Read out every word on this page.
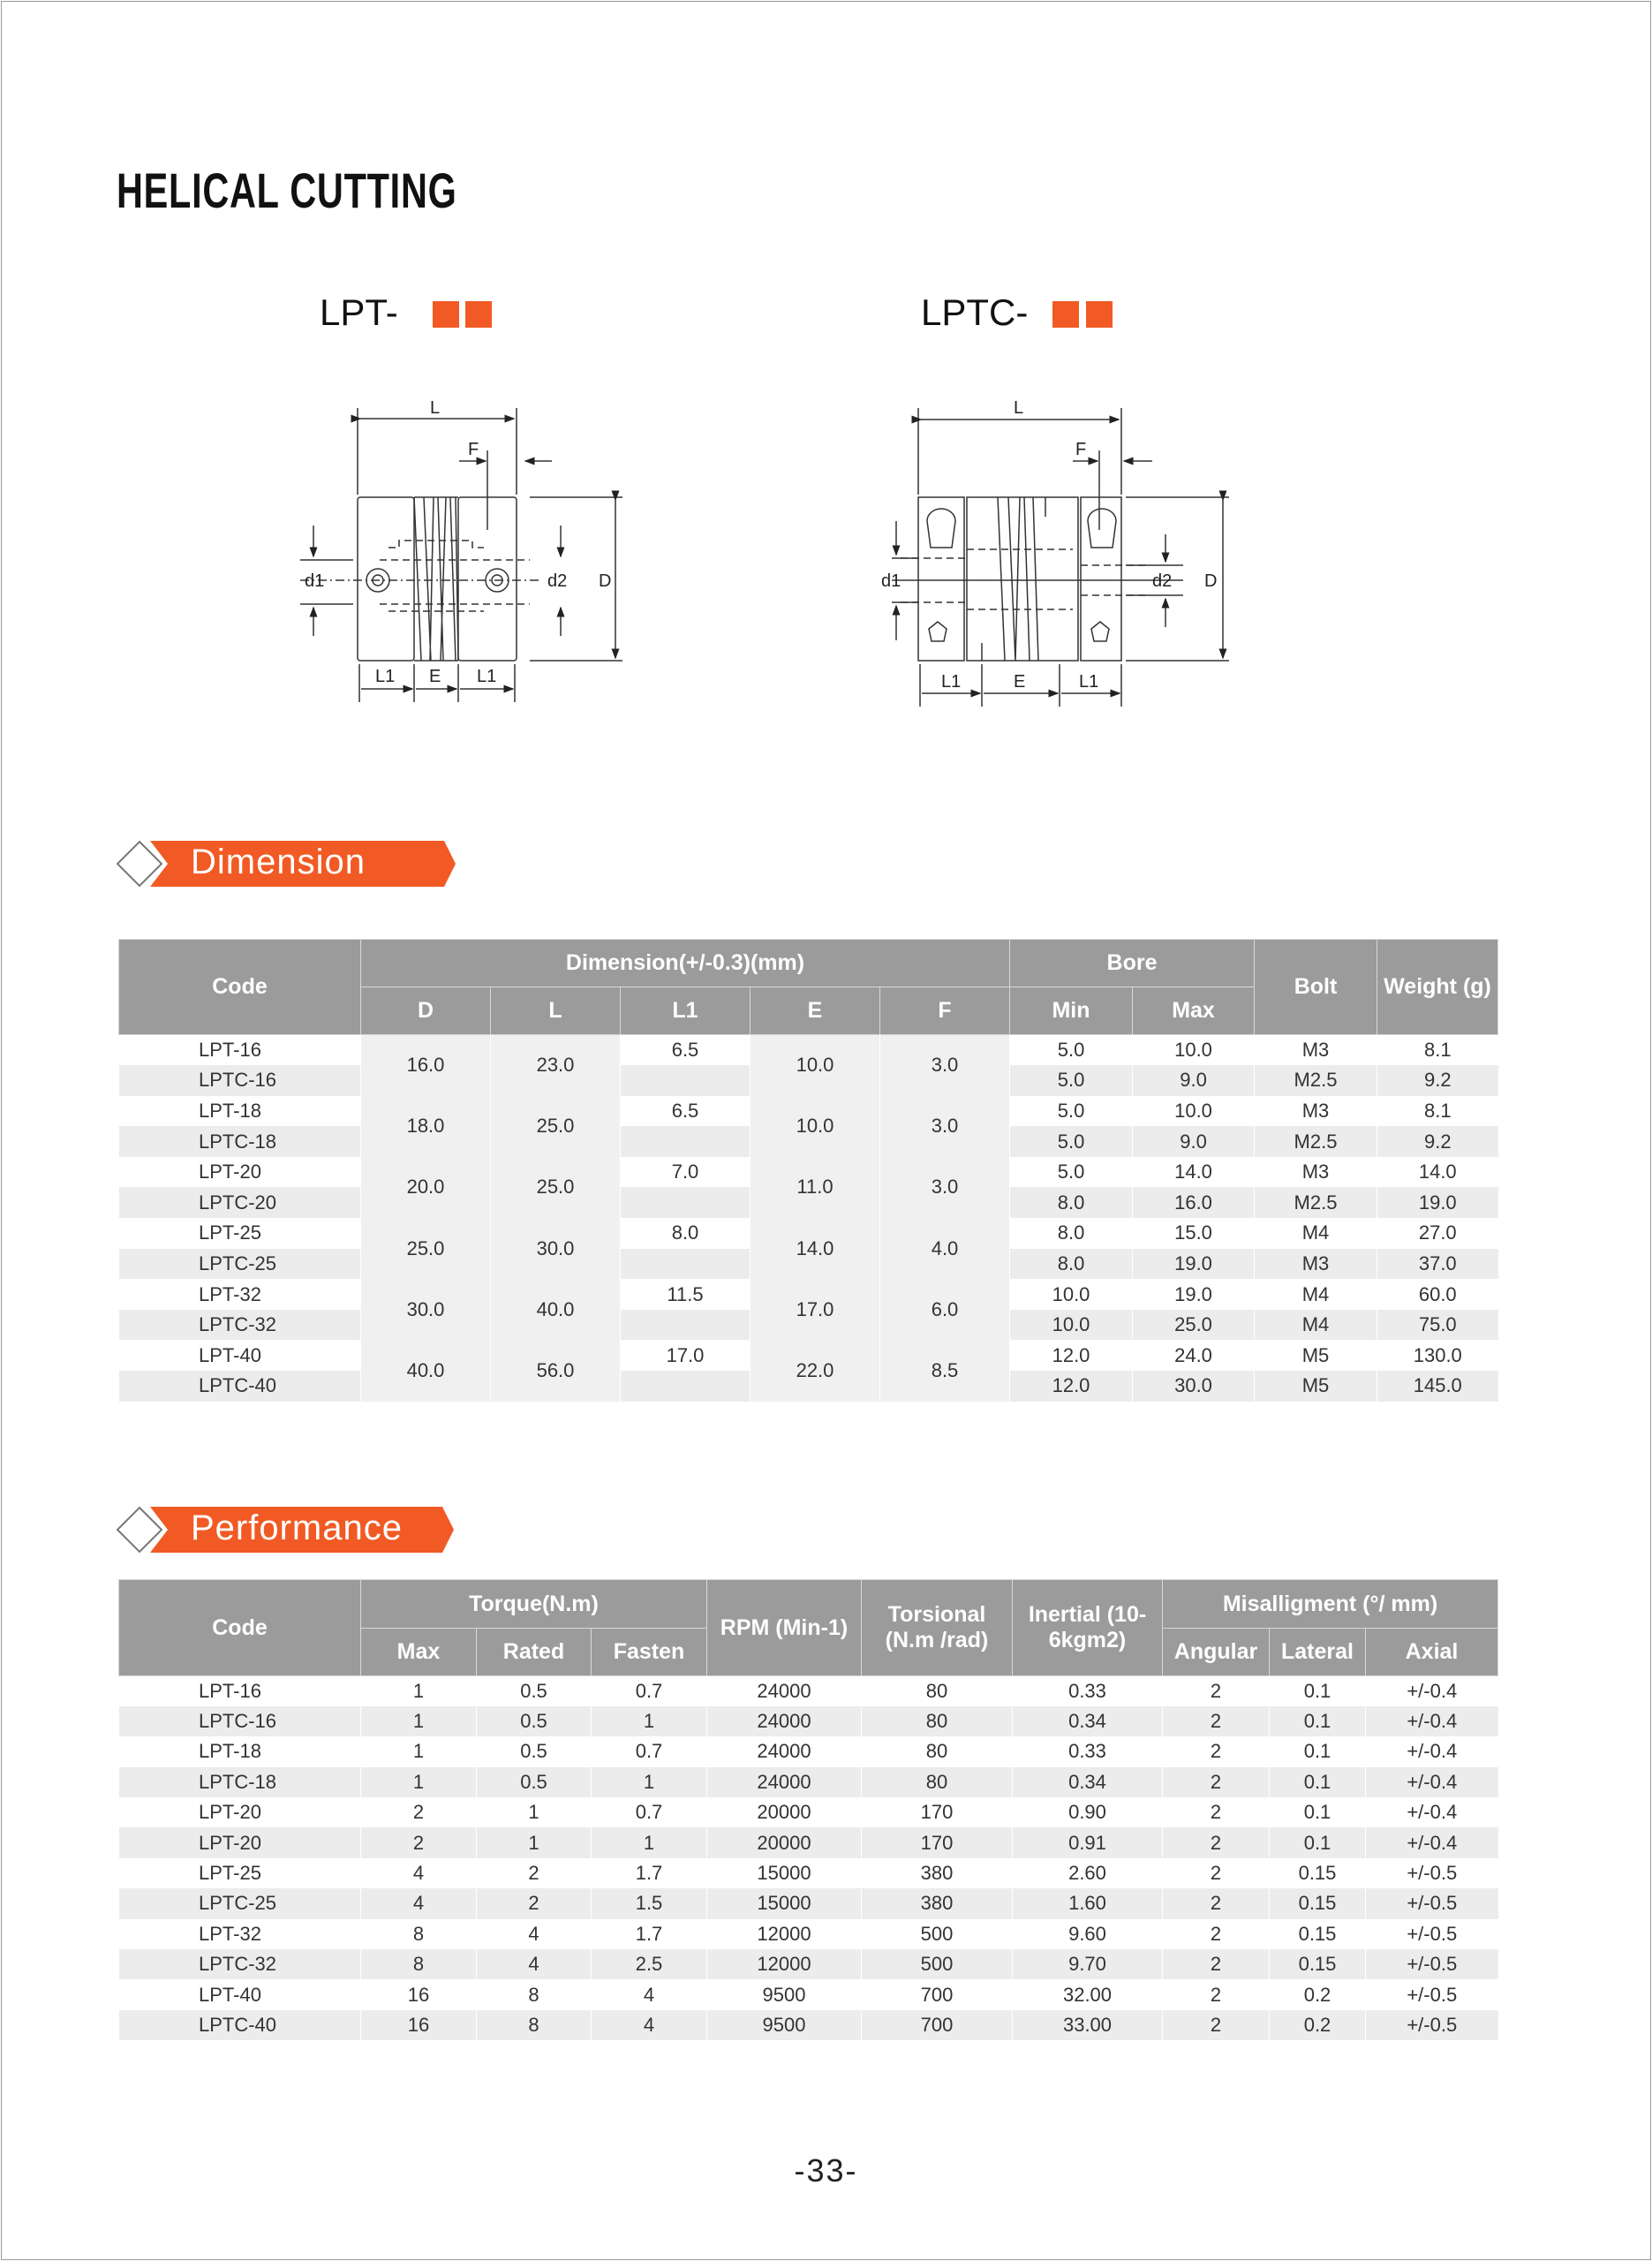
HELICAL CUTTING
LPT-	LPTC-
L
F
d1	d2 D
L1 E L1
L
F
d1	d2 D
L1	E	L1
Dimension
Code	Dimension(+/-0.3)(mm)					Bore		Bolt	Weight (g)
	D	L	L1	E	F	Min	Max		
LPT-16	16.0	23.0	6.5	10.0	3.0	5.0	10.0	M3	8.1
LPTC-16						5.0	9.0	M2.5	9.2
LPT-18	18.0	25.0	6.5	10.0	3.0	5.0	10.0	M3	8.1
LPTC-18						5.0	9.0	M2.5	9.2
LPT-20	20.0	25.0	7.0	11.0	3.0	5.0	14.0	M3	14.0
LPTC-20						8.0	16.0	M2.5	19.0
LPT-25	25.0	30.0	8.0	14.0	4.0	8.0	15.0	M4	27.0
LPTC-25						8.0	19.0	M3	37.0
LPT-32	30.0	40.0	11.5	17.0	6.0	10.0	19.0	M4	60.0
LPTC-32						10.0	25.0	M4	75.0
LPT-40	40.0	56.0	17.0	22.0	8.5	12.0	24.0	M5	130.0
LPTC-40						12.0	30.0	M5	145.0
Performance
Code	Torque(N.m)			RPM (Min-1)	Torsional (N.m /rad)	Inertial (10-6kgm2)	Misalligment (°/ mm)		
	Max	Rated	Fasten				Angular	Lateral	Axial
LPT-16	1	0.5	0.7	24000	80	0.33	2	0.1	+/-0.4
LPTC-16	1	0.5	1	24000	80	0.34	2	0.1	+/-0.4
LPT-18	1	0.5	0.7	24000	80	0.33	2	0.1	+/-0.4
LPTC-18	1	0.5	1	24000	80	0.34	2	0.1	+/-0.4
LPT-20	2	1	0.7	20000	170	0.90	2	0.1	+/-0.4
LPT-20	2	1	1	20000	170	0.91	2	0.1	+/-0.4
LPT-25	4	2	1.7	15000	380	2.60	2	0.15	+/-0.5
LPTC-25	4	2	1.5	15000	380	1.60	2	0.15	+/-0.5
LPT-32	8	4	1.7	12000	500	9.60	2	0.15	+/-0.5
LPTC-32	8	4	2.5	12000	500	9.70	2	0.15	+/-0.5
LPT-40	16	8	4	9500	700	32.00	2	0.2	+/-0.5
LPTC-40	16	8	4	9500	700	33.00	2	0.2	+/-0.5
-33-
